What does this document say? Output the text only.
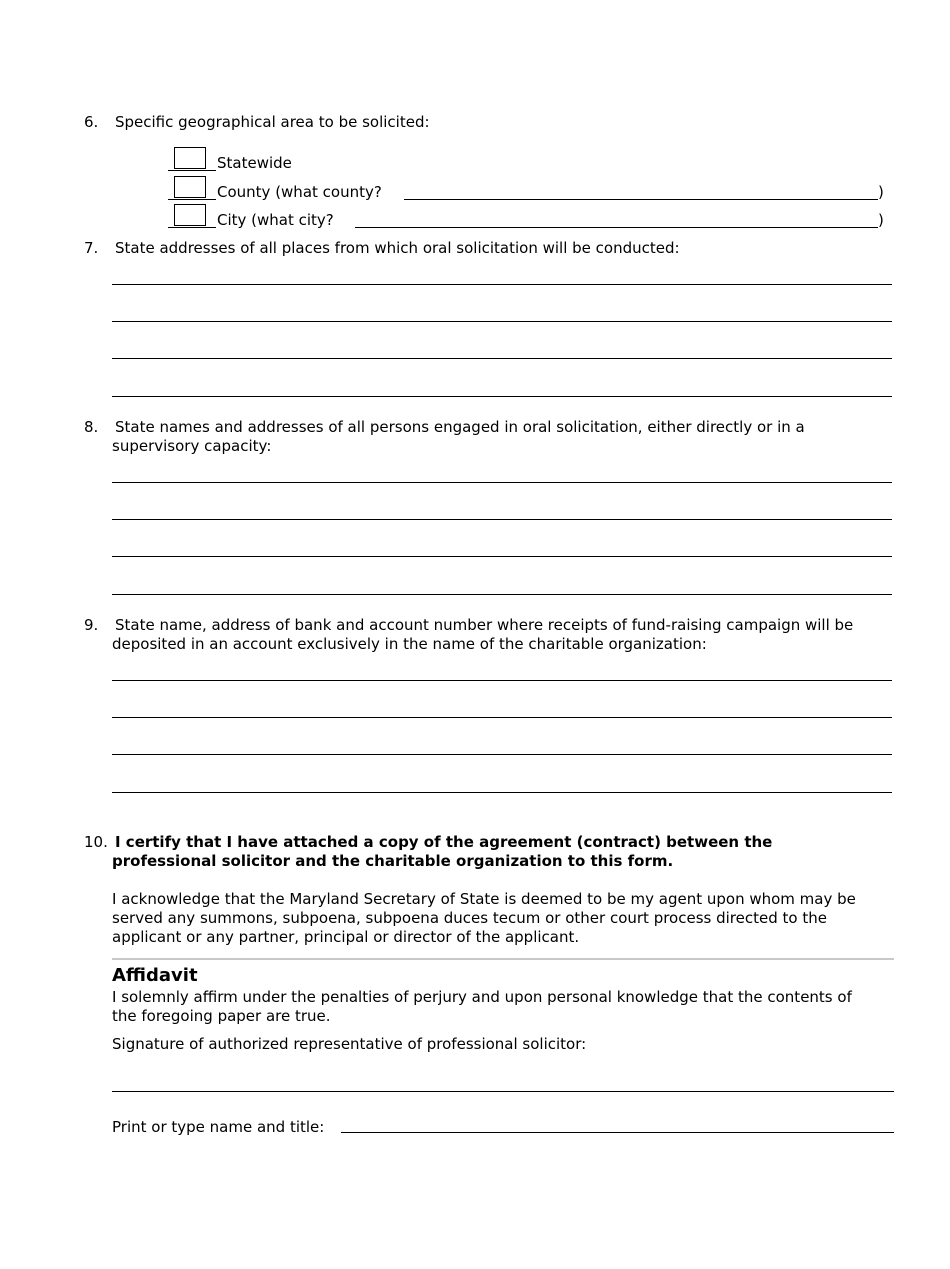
6. Specific geographical area to be solicited:
Statewide
County (what county?	)
City (what city?	)
7. State addresses of all places from which oral solicitation will be conducted:
8. State names and addresses of all persons engaged in oral solicitation, either directly or in a
supervisory capacity:
9. State name, address of bank and account number where receipts of fund-raising campaign will be
deposited in an account exclusively in the name of the charitable organization:
10. I certify that I have attached a copy of the agreement (contract) between the
professional solicitor and the charitable organization to this form.
I acknowledge that the Maryland Secretary of State is deemed to be my agent upon whom may be
served any summons, subpoena, subpoena duces tecum or other court process directed to the
applicant or any partner, principal or director of the applicant.
Affidavit
I solemnly affirm under the penalties of perjury and upon personal knowledge that the contents of
the foregoing paper are true.
Signature of authorized representative of professional solicitor:
Print or type name and title:
